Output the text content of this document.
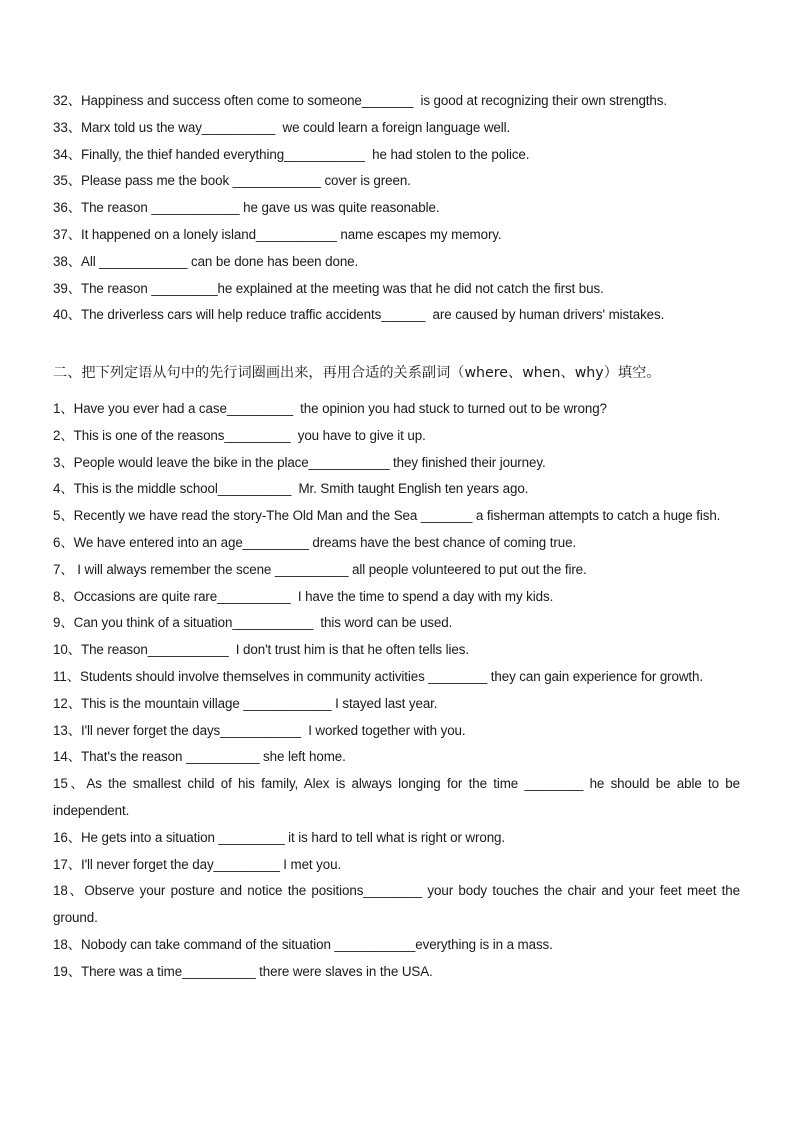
32、Happiness and success often come to someone_______  is good at recognizing their own strengths.
33、Marx told us the way__________  we could learn a foreign language well.
34、Finally, the thief handed everything___________  he had stolen to the police.
35、Please pass me the book ____________ cover is green.
36、The reason ____________ he gave us was quite reasonable.
37、It happened on a lonely island___________ name escapes my memory.
38、All ____________ can be done has been done.
39、The reason _________he explained at the meeting was that he did not catch the first bus.
40、The driverless cars will help reduce traffic accidents______  are caused by human drivers' mistakes.
二、把下列定语从句中的先行词圈画出来，再用合适的关系副词（where、when、why）填空。
1、Have you ever had a case_________  the opinion you had stuck to turned out to be wrong?
2、This is one of the reasons_________  you have to give it up.
3、People would leave the bike in the place___________ they finished their journey.
4、This is the middle school__________  Mr. Smith taught English ten years ago.
5、Recently we have read the story-The Old Man and the Sea _______ a fisherman attempts to catch a huge fish.
6、We have entered into an age_________ dreams have the best chance of coming true.
7、 I will always remember the scene __________ all people volunteered to put out the fire.
8、Occasions are quite rare__________  I have the time to spend a day with my kids.
9、Can you think of a situation___________  this word can be used.
10、The reason___________  I don't trust him is that he often tells lies.
11、Students should involve themselves in community activities ________ they can gain experience for growth.
12、This is the mountain village ____________ I stayed last year.
13、I'll never forget the days___________  I worked together with you.
14、That's the reason __________ she left home.
15、As the smallest child of his family, Alex is always longing for the time ________ he should be able to be independent.
16、He gets into a situation _________ it is hard to tell what is right or wrong.
17、I'll never forget the day_________ I met you.
18、Observe your posture and notice the positions________ your body touches the chair and your feet meet the ground.
18、Nobody can take command of the situation ___________everything is in a mass.
19、There was a time__________ there were slaves in the USA.
